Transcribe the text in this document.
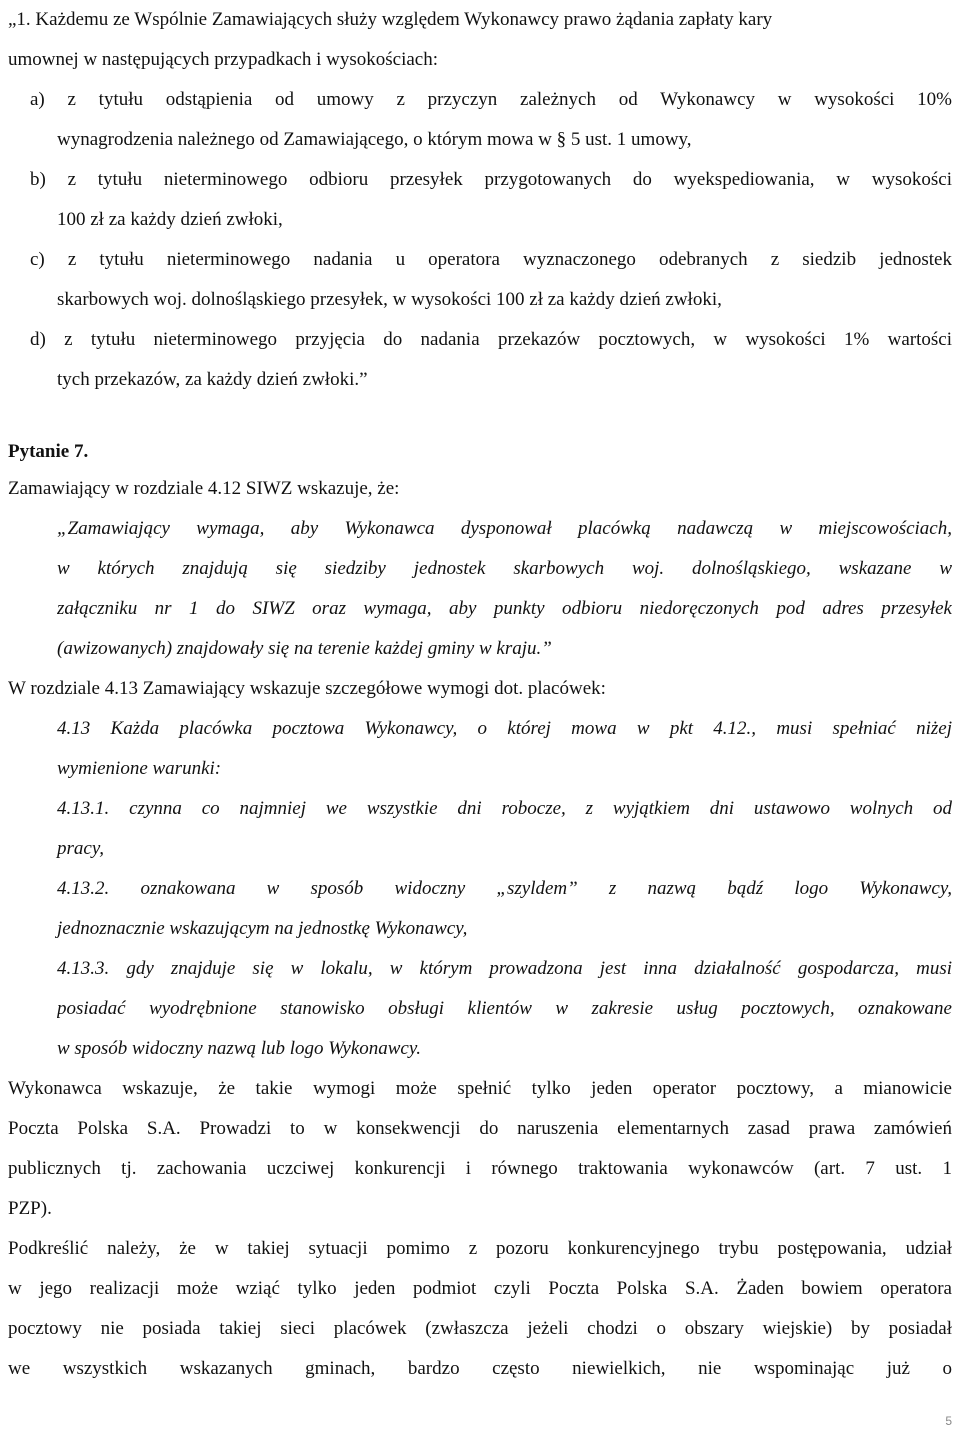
„1. Każdemu ze Wspólnie Zamawiających służy względem Wykonawcy prawo żądania zapłaty kary

umownej w następujących przypadkach i wysokościach:

a) z tytułu odstąpienia od umowy z przyczyn zależnych od Wykonawcy w wysokości 10%

wynagrodzenia należnego od Zamawiającego, o którym mowa w § 5 ust. 1 umowy,

b) z tytułu nieterminowego odbioru przesyłek przygotowanych do wyekspediowania, w wysokości

100 zł za każdy dzień zwłoki,

c) z tytułu nieterminowego nadania u operatora wyznaczonego odebranych z siedzib jednostek

skarbowych woj. dolnośląskiego przesyłek, w wysokości 100 zł za każdy dzień zwłoki,

d) z tytułu nieterminowego przyjęcia do nadania przekazów pocztowych, w wysokości 1% wartości

tych przekazów, za każdy dzień zwłoki.”

Pytanie 7.

Zamawiający w rozdziale 4.12 SIWZ wskazuje, że:

„Zamawiający wymaga, aby Wykonawca dysponował placówką nadawczą w miejscowościach,

w których znajdują się siedziby jednostek skarbowych woj. dolnośląskiego, wskazane w

załączniku nr 1 do SIWZ oraz wymaga, aby punkty odbioru niedoręczonych pod adres przesyłek

(awizowanych) znajdowały się na terenie każdej gminy w kraju.”

W rozdziale 4.13 Zamawiający wskazuje szczegółowe wymogi dot. placówek:

4.13 Każda placówka pocztowa Wykonawcy, o której mowa w pkt 4.12., musi spełniać niżej

wymienione warunki:

4.13.1. czynna co najmniej we wszystkie dni robocze, z wyjątkiem dni ustawowo wolnych od

pracy,

4.13.2. oznakowana w sposób widoczny „szyldem” z nazwą bądź logo Wykonawcy,

jednoznacznie wskazującym na jednostkę Wykonawcy,

4.13.3. gdy znajduje się w lokalu, w którym prowadzona jest inna działalność gospodarcza, musi

posiadać wyodrębnione stanowisko obsługi klientów w zakresie usług pocztowych, oznakowane

w sposób widoczny nazwą lub logo Wykonawcy.

Wykonawca wskazuje, że takie wymogi może spełnić tylko jeden operator pocztowy, a mianowicie

Poczta Polska S.A. Prowadzi to w konsekwencji do naruszenia elementarnych zasad prawa zamówień

publicznych tj. zachowania uczciwej konkurencji i równego traktowania wykonawców (art. 7 ust. 1

PZP).

Podkreślić należy, że w takiej sytuacji pomimo z pozoru konkurencyjnego trybu postępowania, udział

w jego realizacji może wziąć tylko jeden podmiot czyli Poczta Polska S.A. Żaden bowiem operatora

pocztowy nie posiada takiej sieci placówek (zwłaszcza jeżeli chodzi o obszary wiejskie) by posiadał

we wszystkich wskazanych gminach, bardzo często niewielkich, nie wspominając już o

5
